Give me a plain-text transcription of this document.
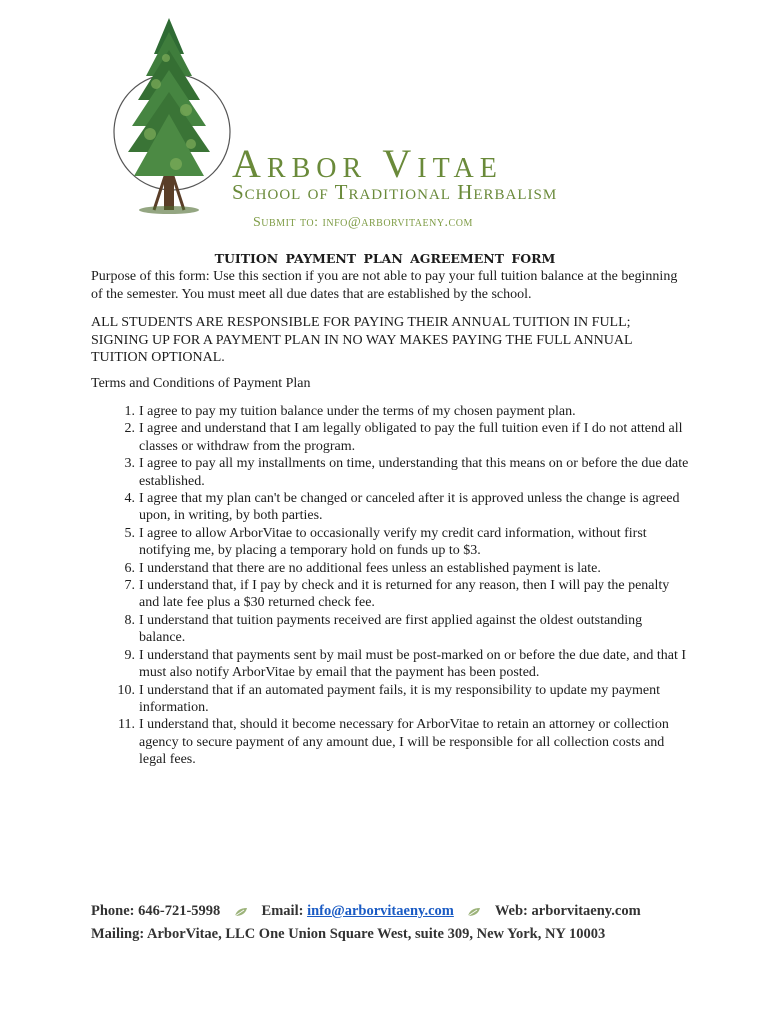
Arbor Vitae
School of Traditional Herbalism
Submit to: info@arborvitaeny.com
TUITION PAYMENT PLAN AGREEMENT FORM

Purpose of this form: Use this section if you are not able to pay your full tuition balance at the beginning of the semester. You must meet all due dates that are established by the school.

ALL STUDENTS ARE RESPONSIBLE FOR PAYING THEIR ANNUAL TUITION IN FULL; SIGNING UP FOR A PAYMENT PLAN IN NO WAY MAKES PAYING THE FULL ANNUAL TUITION OPTIONAL.

Terms and Conditions of Payment Plan

1. I agree to pay my tuition balance under the terms of my chosen payment plan.
2. I agree and understand that I am legally obligated to pay the full tuition even if I do not attend all classes or withdraw from the program.
3. I agree to pay all my installments on time, understanding that this means on or before the due date established.
4. I agree that my plan can't be changed or canceled after it is approved unless the change is agreed upon, in writing, by both parties.
5. I agree to allow ArborVitae to occasionally verify my credit card information, without first notifying me, by placing a temporary hold on funds up to $3.
6. I understand that there are no additional fees unless an established payment is late.
7. I understand that, if I pay by check and it is returned for any reason, then I will pay the penalty and late fee plus a $30 returned check fee.
8. I understand that tuition payments received are first applied against the oldest outstanding balance.
9. I understand that payments sent by mail must be post-marked on or before the due date, and that I must also notify ArborVitae by email that the payment has been posted.
10. I understand that if an automated payment fails, it is my responsibility to update my payment information.
11. I understand that, should it become necessary for ArborVitae to retain an attorney or collection agency to secure payment of any amount due, I will be responsible for all collection costs and legal fees.
Phone: 646-721-5998	Email: info@arborvitaeny.com	Web: arborvitaeny.com
Mailing: ArborVitae, LLC One Union Square West, suite 309, New York, NY 10003
